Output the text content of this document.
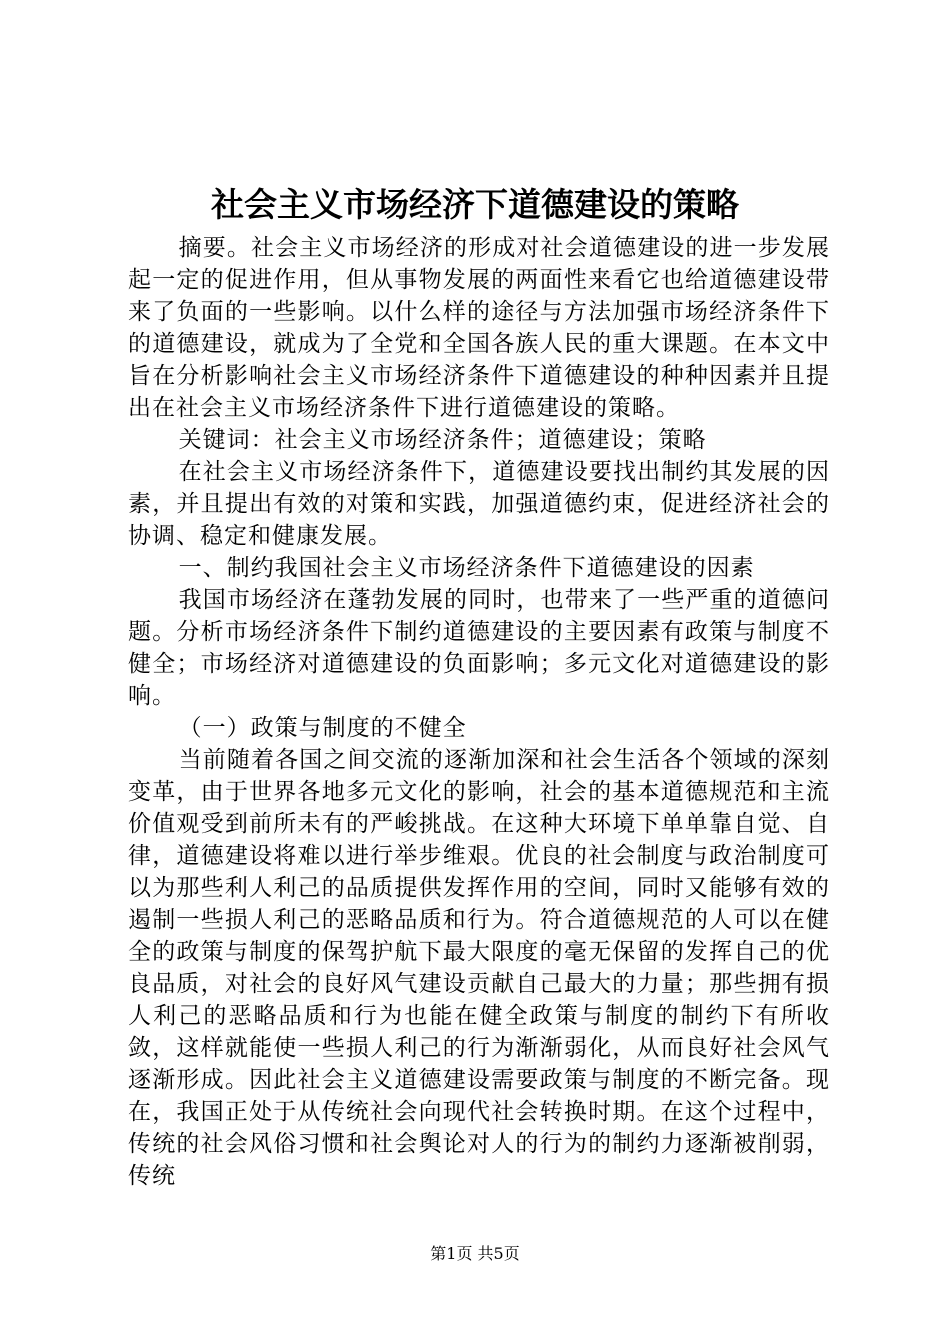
社会主义市场经济下道德建设的策略

摘要。社会主义市场经济的形成对社会道德建设的进一步发展起一定的促进作用，但从事物发展的两面性来看它也给道德建设带来了负面的一些影响。以什么样的途径与方法加强市场经济条件下的道德建设，就成为了全党和全国各族人民的重大课题。在本文中旨在分析影响社会主义市场经济条件下道德建设的种种因素并且提出在社会主义市场经济条件下进行道德建设的策略。

关键词：社会主义市场经济条件；道德建设；策略

在社会主义市场经济条件下，道德建设要找出制约其发展的因素，并且提出有效的对策和实践，加强道德约束，促进经济社会的协调、稳定和健康发展。

一、制约我国社会主义市场经济条件下道德建设的因素

我国市场经济在蓬勃发展的同时，也带来了一些严重的道德问题。分析市场经济条件下制约道德建设的主要因素有政策与制度不健全；市场经济对道德建设的负面影响；多元文化对道德建设的影响。

（一）政策与制度的不健全

当前随着各国之间交流的逐渐加深和社会生活各个领域的深刻变革，由于世界各地多元文化的影响，社会的基本道德规范和主流价值观受到前所未有的严峻挑战。在这种大环境下单单靠自觉、自律，道德建设将难以进行举步维艰。优良的社会制度与政治制度可以为那些利人利己的品质提供发挥作用的空间，同时又能够有效的遏制一些损人利己的恶略品质和行为。符合道德规范的人可以在健全的政策与制度的保驾护航下最大限度的毫无保留的发挥自己的优良品质，对社会的良好风气建设贡献自己最大的力量；那些拥有损人利己的恶略品质和行为也能在健全政策与制度的制约下有所收敛，这样就能使一些损人利己的行为渐渐弱化，从而良好社会风气逐渐形成。因此社会主义道德建设需要政策与制度的不断完备。现在，我国正处于从传统社会向现代社会转换时期。在这个过程中，传统的社会风俗习惯和社会舆论对人的行为的制约力逐渐被削弱，传统

第1页 共5页
